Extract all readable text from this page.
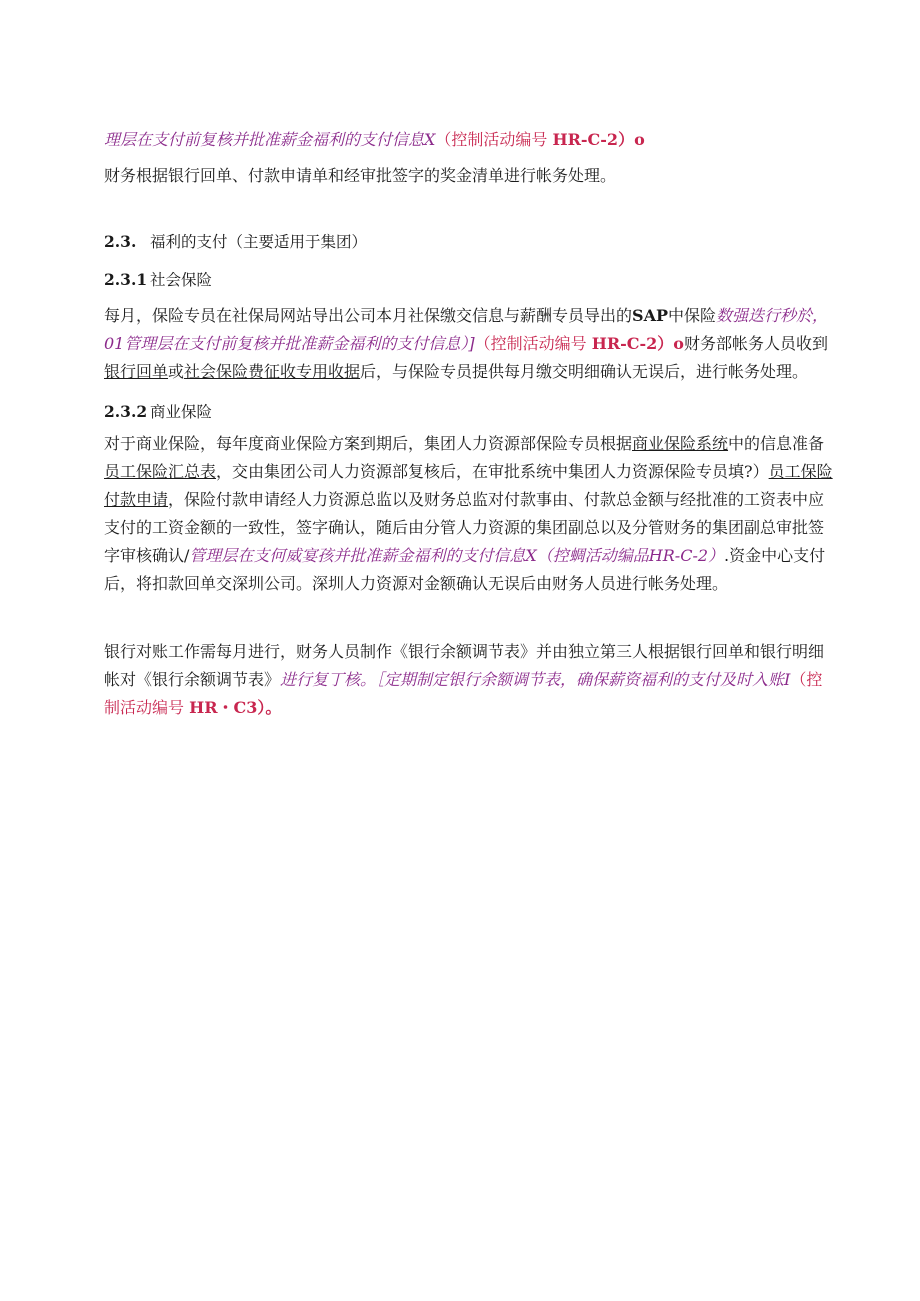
理层在支付前复核并批准薪金福利的支付信息X（控制活动编号 HR-C-2）o
财务根据银行回单、付款申请单和经审批签字的奖金清单进行帐务处理。
2.3. 福利的支付（主要适用于集团）
2.3.1 社会保险
每月，保险专员在社保局网站导出公司本月社保缴交信息与薪酬专员导出的SAP中保险数强迭行秒於，01管理层在支付前复核并批准薪金福利的支付信息）]（控制活动编号 HR-C-2）o财务部帐务人员收到银行回单或社会保险费征收专用收据后，与保险专员提供每月缴交明细确认无误后，进行帐务处理。
2.3.2 商业保险
对于商业保险，每年度商业保险方案到期后，集团人力资源部保险专员根据商业保险系统中的信息准备员工保险汇总表，交由集团公司人力资源部复核后，在审批系统中集团人力资源保险专员填?）员工保险付款申请，保险付款申请经人力资源总监以及财务总监对付款事由、付款总金额与经批准的工资表中应支付的工资金额的一致性，签字确认，随后由分管人力资源的集团副总以及分管财务的集团副总审批签字审核确认/管理层在支何威宴孩并批准薪金福利的支付信息X（控蜩活动编品HR-C-2）.资金中心支付后，将扣款回单交深圳公司。深圳人力资源对金额确认无误后由财务人员进行帐务处理。
银行对账工作需每月进行，财务人员制作《银行余额调节表》并由独立第三人根据银行回单和银行明细帐对《银行余额调节表》进行复丁核。［定期制定银行余额调节表，确保薪资福利的支付及时入账I（控制活动编号 HR・C3）。
